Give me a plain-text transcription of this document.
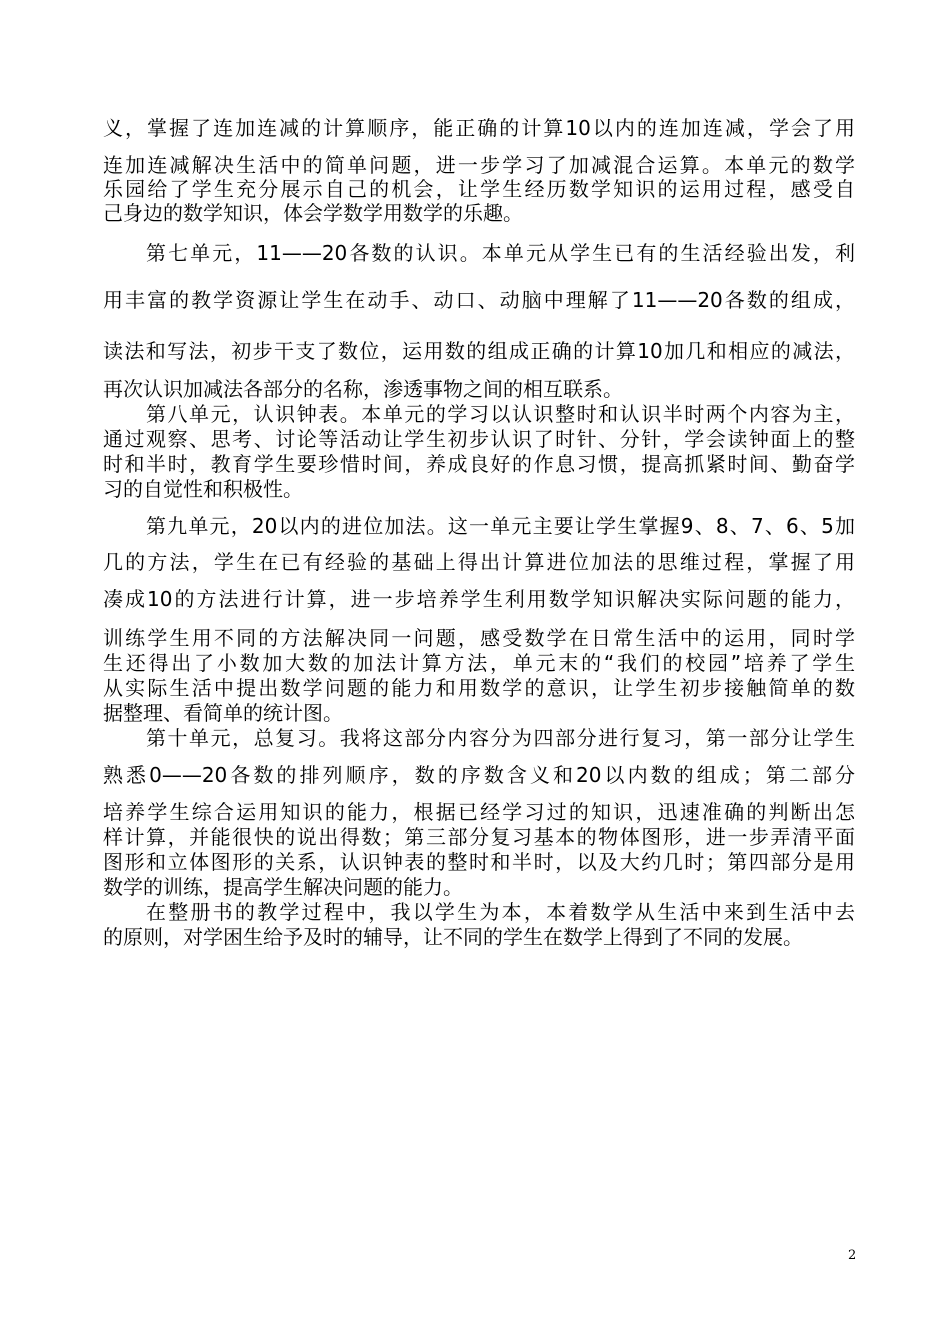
义，掌握了连加连减的计算顺序，能正确的计算10以内的连加连减，学会了用
连加连减解决生活中的简单问题，进一步学习了加减混合运算。本单元的数学
乐园给了学生充分展示自己的机会，让学生经历数学知识的运用过程，感受自
己身边的数学知识，体会学数学用数学的乐趣。
第七单元，11——20各数的认识。本单元从学生已有的生活经验出发，利
用丰富的教学资源让学生在动手、动口、动脑中理解了11——20各数的组成，
读法和写法，初步干支了数位，运用数的组成正确的计算10加几和相应的减法，
再次认识加减法各部分的名称，渗透事物之间的相互联系。
第八单元，认识钟表。本单元的学习以认识整时和认识半时两个内容为主，
通过观察、思考、讨论等活动让学生初步认识了时针、分针，学会读钟面上的整
时和半时，教育学生要珍惜时间，养成良好的作息习惯，提高抓紧时间、勤奋学
习的自觉性和积极性。
第九单元，20以内的进位加法。这一单元主要让学生掌握9、8、7、6、5加
几的方法，学生在已有经验的基础上得出计算进位加法的思维过程，掌握了用
凑成10的方法进行计算，进一步培养学生利用数学知识解决实际问题的能力，
训练学生用不同的方法解决同一问题，感受数学在日常生活中的运用，同时学
生还得出了小数加大数的加法计算方法，单元末的“我们的校园”培养了学生
从实际生活中提出数学问题的能力和用数学的意识，让学生初步接触简单的数
据整理、看简单的统计图。
第十单元，总复习。我将这部分内容分为四部分进行复习，第一部分让学生
熟悉0——20各数的排列顺序，数的序数含义和20以内数的组成；第二部分
培养学生综合运用知识的能力，根据已经学习过的知识，迅速准确的判断出怎
样计算，并能很快的说出得数；第三部分复习基本的物体图形，进一步弄清平面
图形和立体图形的关系，认识钟表的整时和半时，以及大约几时；第四部分是用
数学的训练，提高学生解决问题的能力。
在整册书的教学过程中，我以学生为本，本着数学从生活中来到生活中去
的原则，对学困生给予及时的辅导，让不同的学生在数学上得到了不同的发展。
2
